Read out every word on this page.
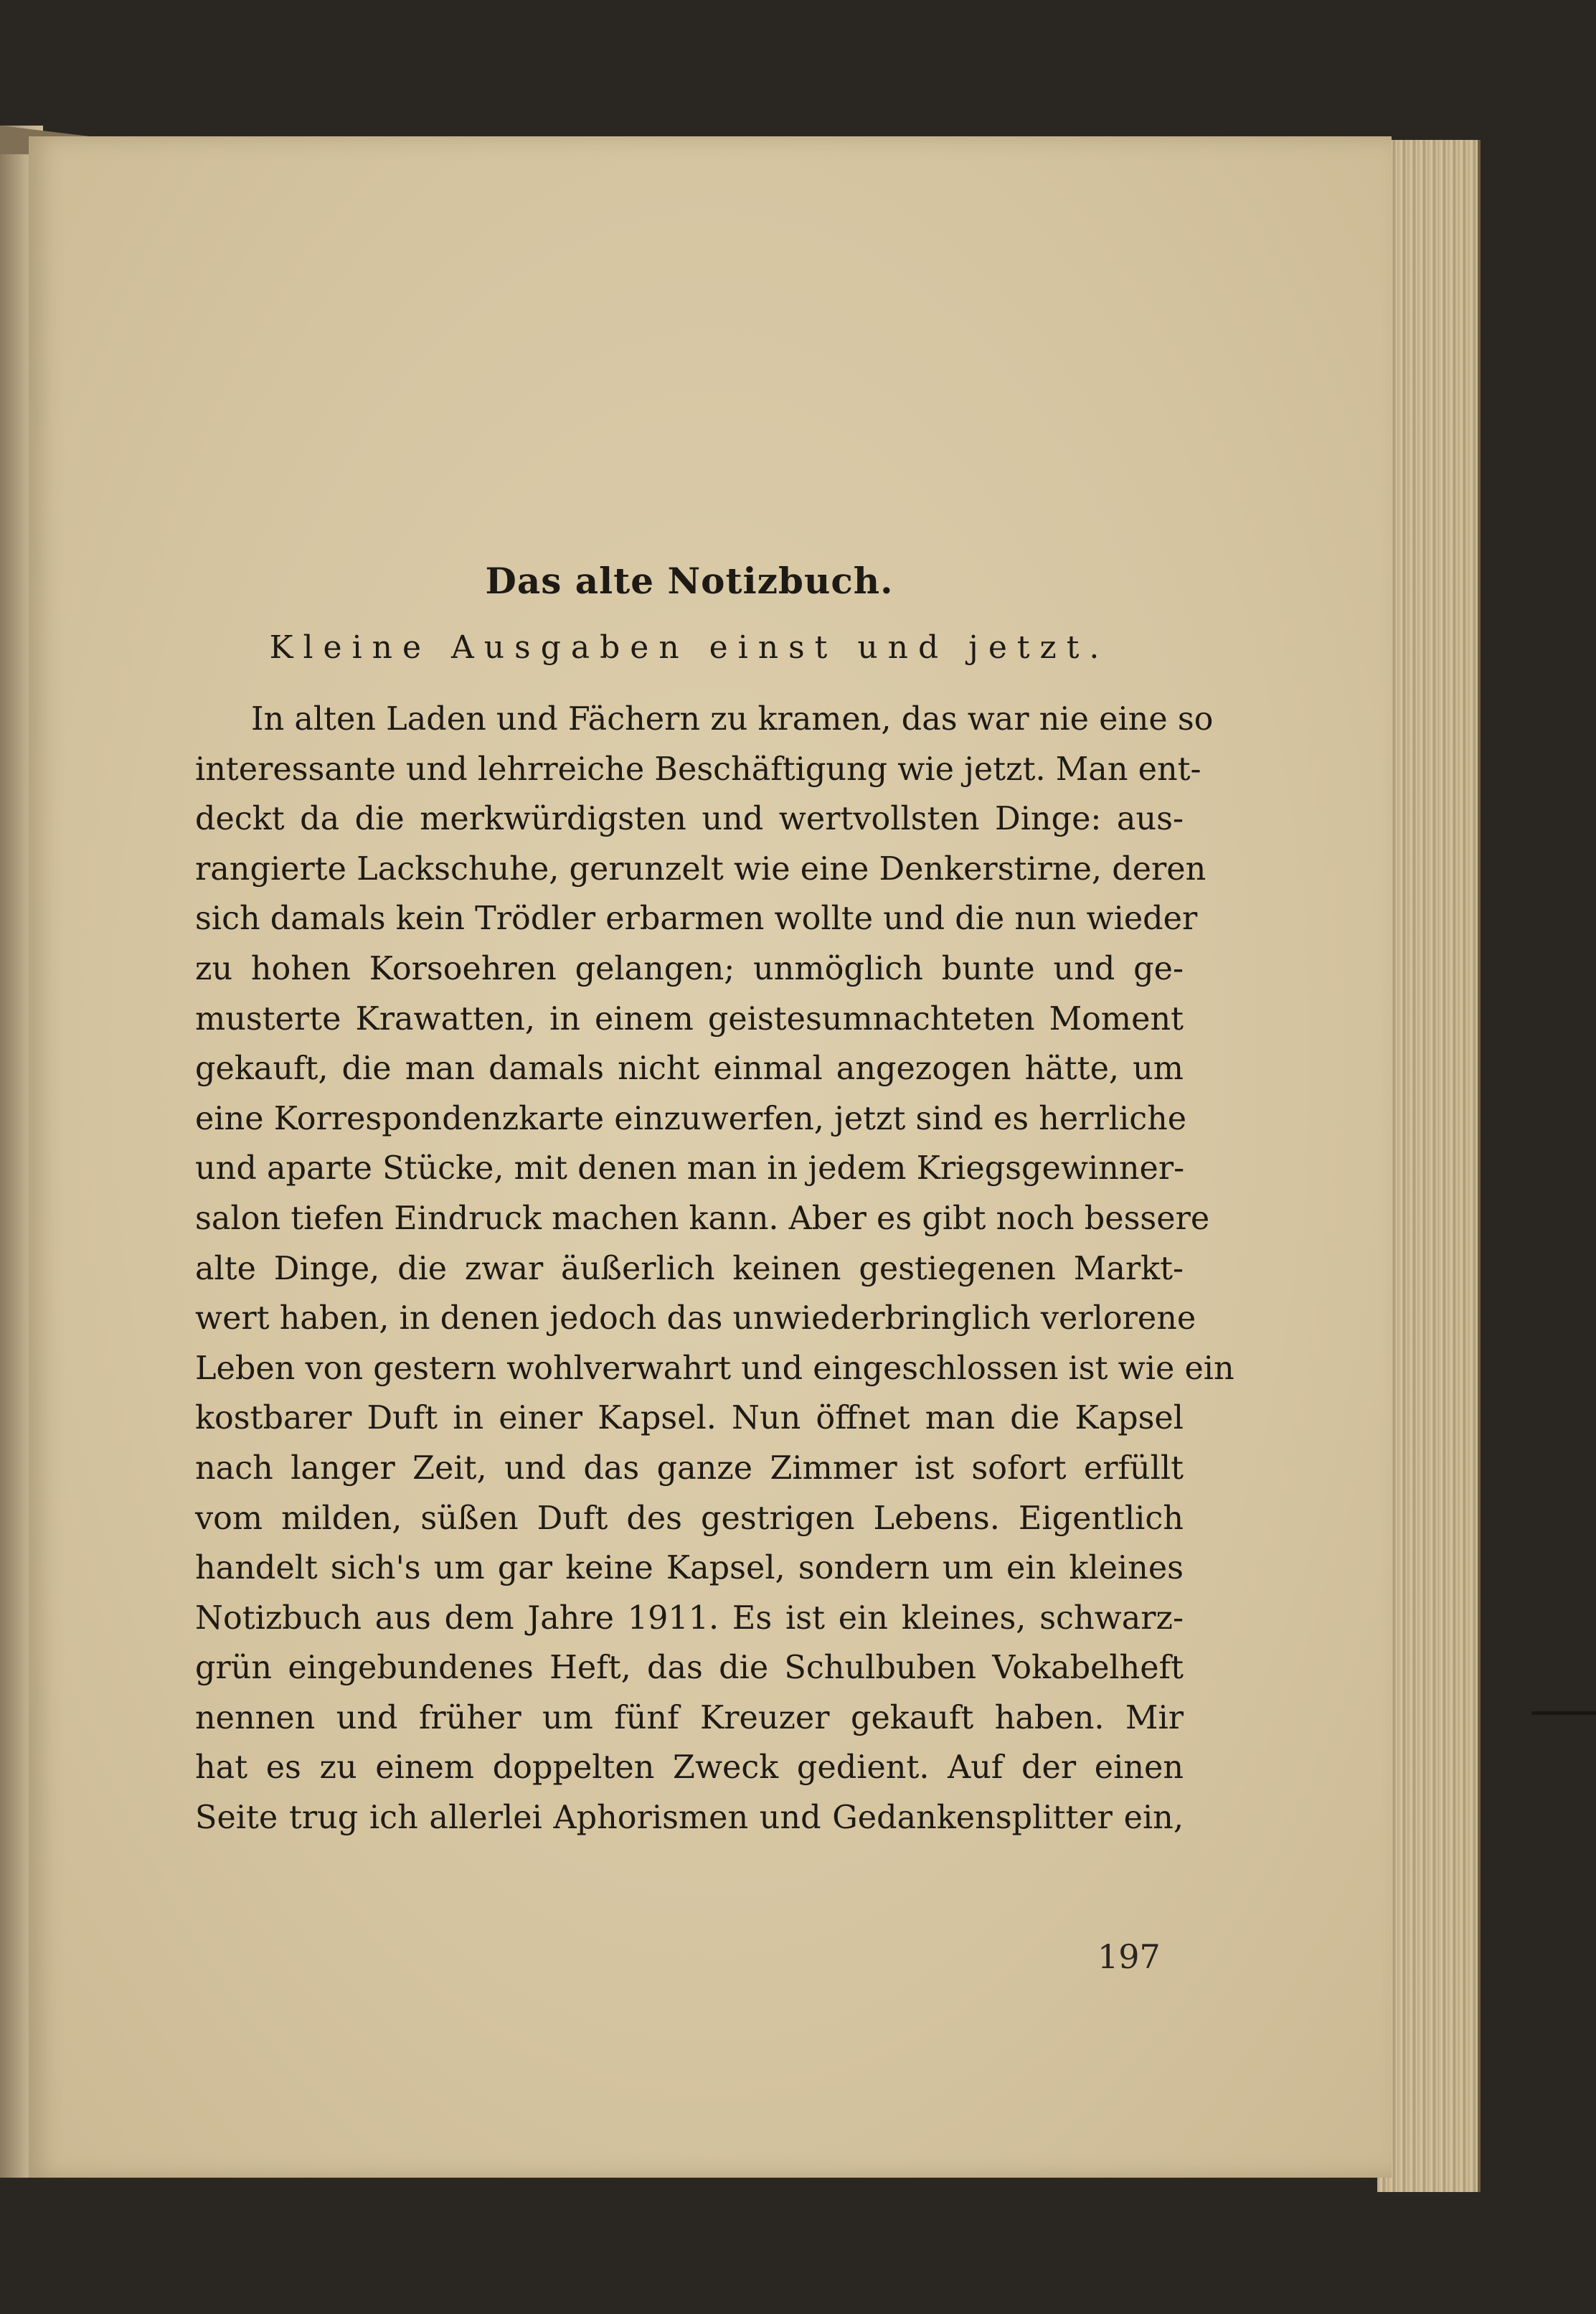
Das alte Notizbuch.
Kleine Ausgaben einst und jetzt.
In alten Laden und Fächern zu kramen, das war nie eine so
interessante und lehrreiche Beschäftigung wie jetzt. Man ent-
deckt da die merkwürdigsten und wertvollsten Dinge: aus-
rangierte Lackschuhe, gerunzelt wie eine Denkerstirne, deren
sich damals kein Trödler erbarmen wollte und die nun wieder
zu hohen Korsoehren gelangen; unmöglich bunte und ge-
musterte Krawatten, in einem geistesumnachteten Moment
gekauft, die man damals nicht einmal angezogen hätte, um
eine Korrespondenzkarte einzuwerfen, jetzt sind es herrliche
und aparte Stücke, mit denen man in jedem Kriegsgewinner-
salon tiefen Eindruck machen kann. Aber es gibt noch bessere
alte Dinge, die zwar äußerlich keinen gestiegenen Markt-
wert haben, in denen jedoch das unwiederbringlich verlorene
Leben von gestern wohlverwahrt und eingeschlossen ist wie ein
kostbarer Duft in einer Kapsel. Nun öffnet man die Kapsel
nach langer Zeit, und das ganze Zimmer ist sofort erfüllt
vom milden, süßen Duft des gestrigen Lebens. Eigentlich
handelt sich's um gar keine Kapsel, sondern um ein kleines
Notizbuch aus dem Jahre 1911. Es ist ein kleines, schwarz-
grün eingebundenes Heft, das die Schulbuben Vokabelheft
nennen und früher um fünf Kreuzer gekauft haben. Mir
hat es zu einem doppelten Zweck gedient. Auf der einen
Seite trug ich allerlei Aphorismen und Gedankensplitter ein,
197
